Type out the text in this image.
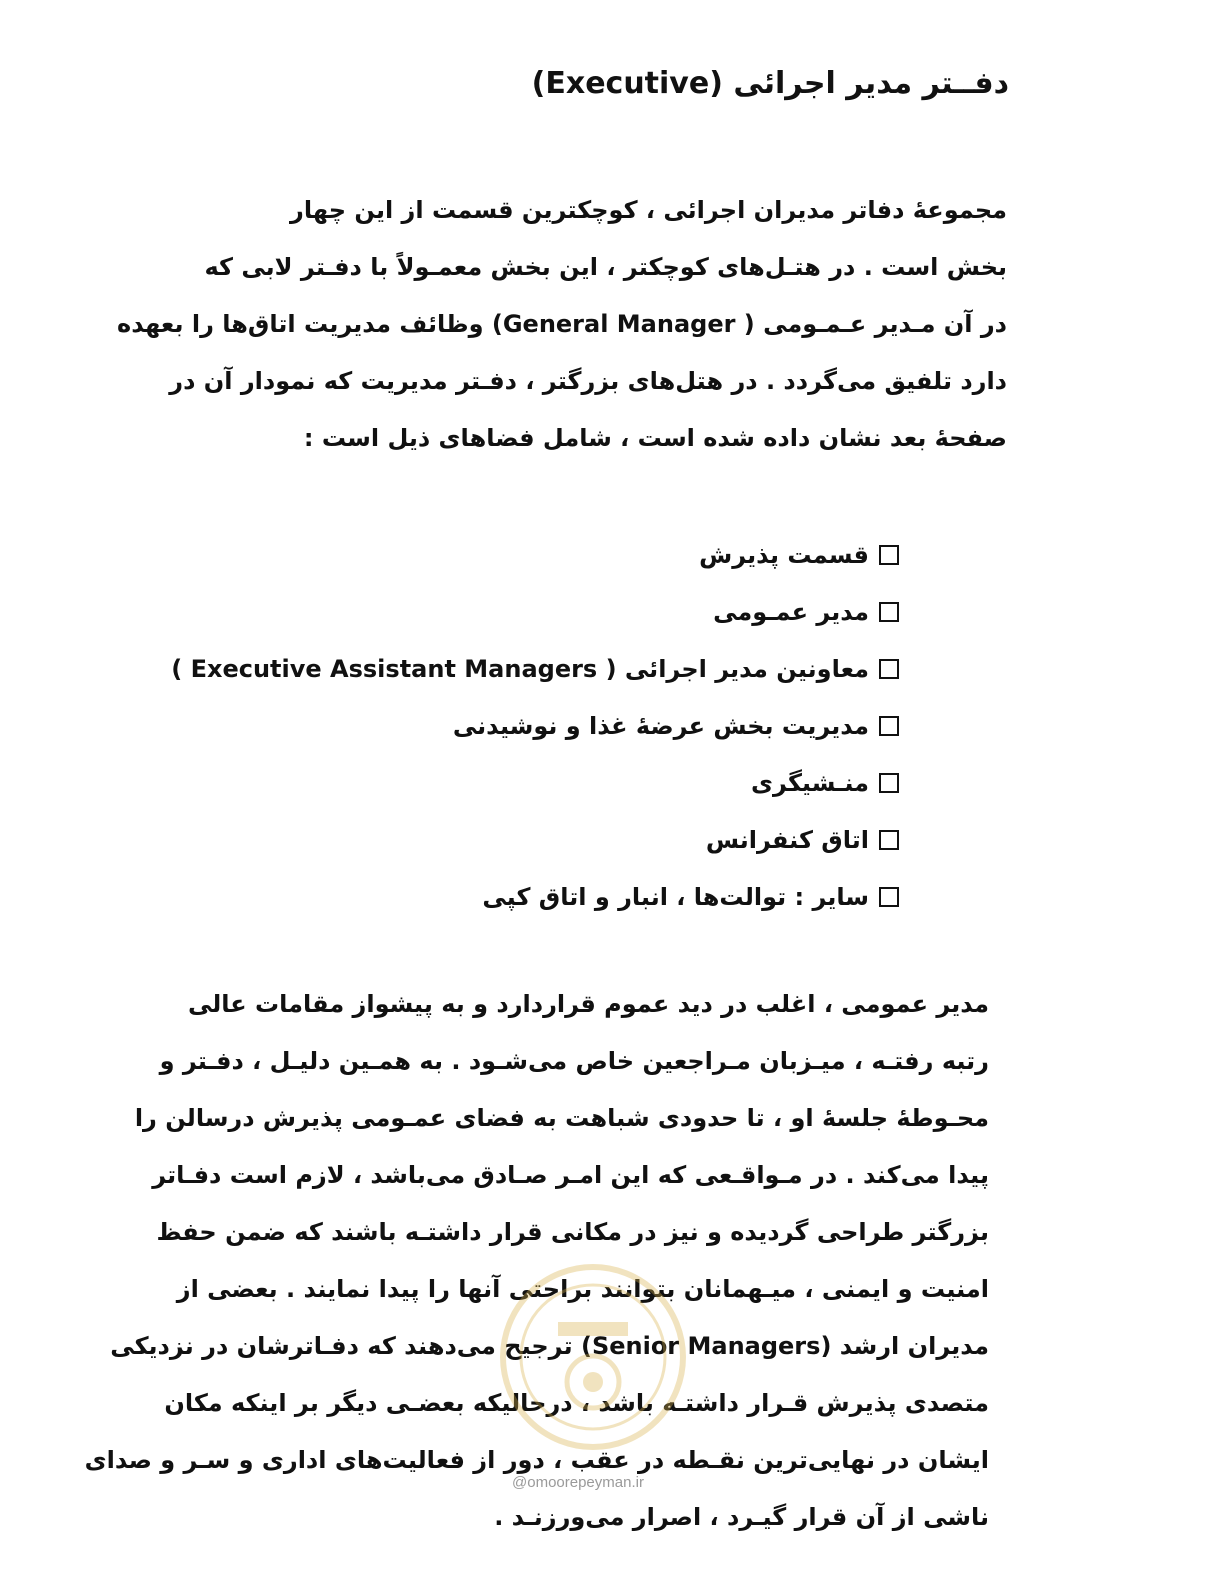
دفــتر مدیر اجرائی (Executive)
مجموعهٔ دفاتر مدیران اجرائی ، کوچکترین قسمت از این چهار
بخش است . در هتـل‌های کوچکتر ، این بخش معمـولاً با دفـتر لابی که
در آن مـدیر عـمـومی ( General Manager) وظائف مدیریت اتاق‌ها را بعهده
دارد تلفیق می‌گردد . در هتل‌های بزرگتر ، دفـتر مدیریت که نمودار آن در
صفحهٔ بعد نشان داده شده است ، شامل فضاهای ذیل است :
قسمت پذیرش
مدیر عمـومی
معاونین مدیر اجرائی ( Executive Assistant Managers )
مدیریت بخش عرضهٔ غذا و نوشیدنی
منـشیگری
اتاق کنفرانس
سایر : توالت‌ها ، انبار و اتاق کپی
مدیر عمومی ، اغلب در دید عموم قراردارد و به پیشواز مقامات عالی
رتبه رفتـه ، میـزبان مـراجعین خاص می‌شـود . به همـین دلیـل ، دفـتر و
محـوطهٔ جلسهٔ او ، تا حدودی شباهت به فضای عمـومی پذیرش درسالن را
پیدا می‌کند . در مـواقـعی که این امـر صـادق می‌باشد ، لازم است دفـاتر
بزرگتر طراحی گردیده و نیز در مکانی قرار داشتـه باشند که ضمن حفظ
امنیت و ایمنی ، میـهمانان بتوانند براحتی آنها را پیدا نمایند . بعضی از
مدیران ارشد (Senior Managers) ترجیح می‌دهند که دفـاترشان در نزدیکی
متصدی پذیرش قـرار داشتـه باشد ، درحالیکه بعضـی دیگر بر اینکه مکان
ایشان در نهایی‌ترین نقـطه در عقب ، دور از فعالیت‌های اداری و سـر و صدای
ناشی از آن قرار گیـرد ، اصرار می‌ورزنـد .
@omoorepeyman.ir
